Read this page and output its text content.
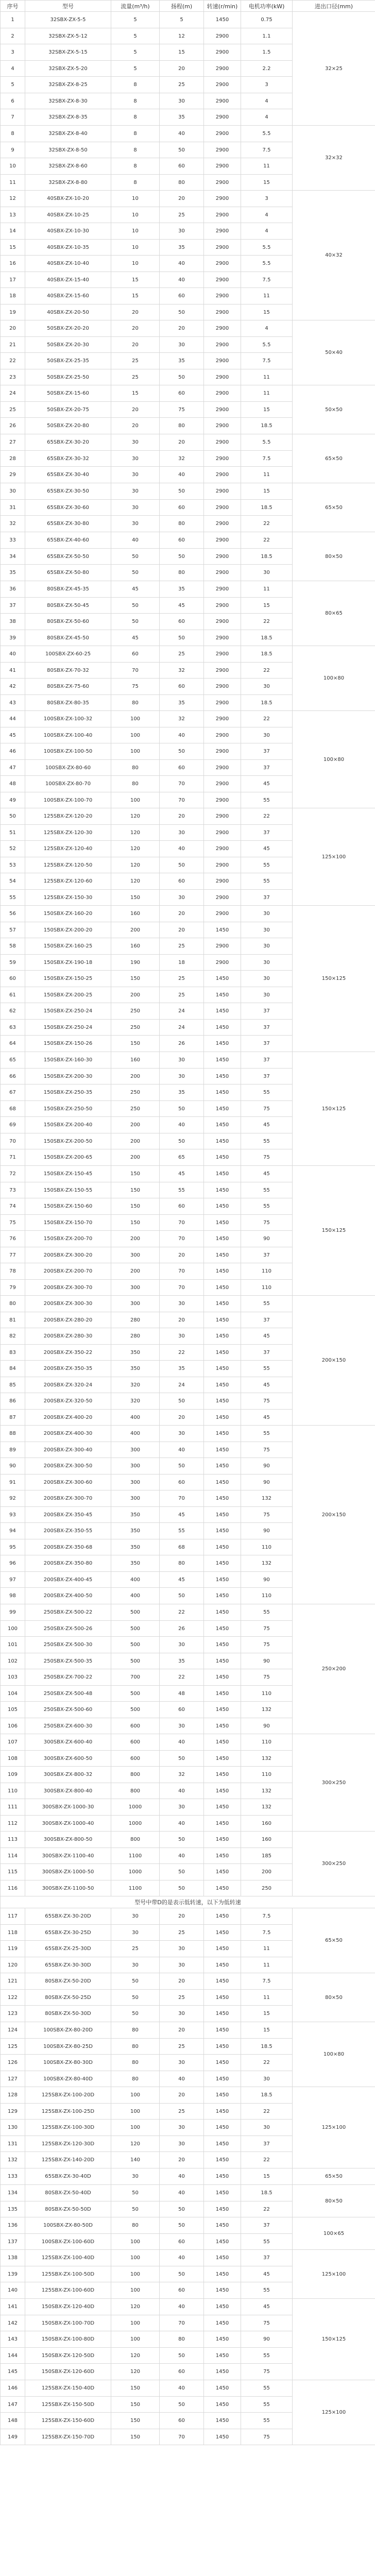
序号	型号	流量(m³/h)	扬程(m)	转速(r/min)	电机功率(kW)	进出口径(mm)
1	32SBX-ZX-5-5	5	5	1450	0.75	32×25
2	32SBX-ZX-5-12	5	12	2900	1.1	
3	32SBX-ZX-5-15	5	15	2900	1.5	
4	32SBX-ZX-5-20	5	20	2900	2.2	
5	32SBX-ZX-8-25	8	25	2900	3	
6	32SBX-ZX-8-30	8	30	2900	4	
7	32SBX-ZX-8-35	8	35	2900	4	
8	32SBX-ZX-8-40	8	40	2900	5.5	32×32
9	32SBX-ZX-8-50	8	50	2900	7.5	
10	32SBX-ZX-8-60	8	60	2900	11	
11	32SBX-ZX-8-80	8	80	2900	15	
12	40SBX-ZX-10-20	10	20	2900	3	40×32
13	40SBX-ZX-10-25	10	25	2900	4	
14	40SBX-ZX-10-30	10	30	2900	4	
15	40SBX-ZX-10-35	10	35	2900	5.5	
16	40SBX-ZX-10-40	10	40	2900	5.5	
17	40SBX-ZX-15-40	15	40	2900	7.5	
18	40SBX-ZX-15-60	15	60	2900	11	
19	40SBX-ZX-20-50	20	50	2900	15	
20	50SBX-ZX-20-20	20	20	2900	4	50×40
21	50SBX-ZX-20-30	20	30	2900	5.5	
22	50SBX-ZX-25-35	25	35	2900	7.5	
23	50SBX-ZX-25-50	25	50	2900	11	
24	50SBX-ZX-15-60	15	60	2900	11	50×50
25	50SBX-ZX-20-75	20	75	2900	15	
26	50SBX-ZX-20-80	20	80	2900	18.5	
27	65SBX-ZX-30-20	30	20	2900	5.5	65×50
28	65SBX-ZX-30-32	30	32	2900	7.5	
29	65SBX-ZX-30-40	30	40	2900	11	
30	65SBX-ZX-30-50	30	50	2900	15	65×50
31	65SBX-ZX-30-60	30	60	2900	18.5	
32	65SBX-ZX-30-80	30	80	2900	22	
33	65SBX-ZX-40-60	40	60	2900	22	80×50
34	65SBX-ZX-50-50	50	50	2900	18.5	
35	65SBX-ZX-50-80	50	80	2900	30	
36	80SBX-ZX-45-35	45	35	2900	11	80×65
37	80SBX-ZX-50-45	50	45	2900	15	
38	80SBX-ZX-50-60	50	60	2900	22	
39	80SBX-ZX-45-50	45	50	2900	18.5	
40	100SBX-ZX-60-25	60	25	2900	18.5	100×80
41	80SBX-ZX-70-32	70	32	2900	22	
42	80SBX-ZX-75-60	75	60	2900	30	
43	80SBX-ZX-80-35	80	35	2900	18.5	
44	100SBX-ZX-100-32	100	32	2900	22	100×80
45	100SBX-ZX-100-40	100	40	2900	30	
46	100SBX-ZX-100-50	100	50	2900	37	
47	100SBX-ZX-80-60	80	60	2900	37	
48	100SBX-ZX-80-70	80	70	2900	45	
49	100SBX-ZX-100-70	100	70	2900	55	
50	125SBX-ZX-120-20	120	20	2900	22	125×100
51	125SBX-ZX-120-30	120	30	2900	37	
52	125SBX-ZX-120-40	120	40	2900	45	
53	125SBX-ZX-120-50	120	50	2900	55	
54	125SBX-ZX-120-60	120	60	2900	55	
55	125SBX-ZX-150-30	150	30	2900	37	
56	150SBX-ZX-160-20	160	20	2900	30	150×125
57	150SBX-ZX-200-20	200	20	1450	30	
58	150SBX-ZX-160-25	160	25	2900	30	
59	150SBX-ZX-190-18	190	18	2900	30	
60	150SBX-ZX-150-25	150	25	1450	30	
61	150SBX-ZX-200-25	200	25	1450	30	
62	150SBX-ZX-250-24	250	24	1450	37	
63	150SBX-ZX-250-24	250	24	1450	37	
64	150SBX-ZX-150-26	150	26	1450	37	
65	150SBX-ZX-160-30	160	30	1450	37	150×125
66	150SBX-ZX-200-30	200	30	1450	37	
67	150SBX-ZX-250-35	250	35	1450	55	
68	150SBX-ZX-250-50	250	50	1450	75	
69	150SBX-ZX-200-40	200	40	1450	45	
70	150SBX-ZX-200-50	200	50	1450	55	
71	150SBX-ZX-200-65	200	65	1450	75	
72	150SBX-ZX-150-45	150	45	1450	45	150×125
73	150SBX-ZX-150-55	150	55	1450	55	
74	150SBX-ZX-150-60	150	60	1450	55	
75	150SBX-ZX-150-70	150	70	1450	75	
76	150SBX-ZX-200-70	200	70	1450	90	
77	200SBX-ZX-300-20	300	20	1450	37	
78	200SBX-ZX-200-70	200	70	1450	110	
79	200SBX-ZX-300-70	300	70	1450	110	
80	200SBX-ZX-300-30	300	30	1450	55	200×150
81	200SBX-ZX-280-20	280	20	1450	37	
82	200SBX-ZX-280-30	280	30	1450	45	
83	200SBX-ZX-350-22	350	22	1450	37	
84	200SBX-ZX-350-35	350	35	1450	55	
85	200SBX-ZX-320-24	320	24	1450	45	
86	200SBX-ZX-320-50	320	50	1450	75	
87	200SBX-ZX-400-20	400	20	1450	45	
88	200SBX-ZX-400-30	400	30	1450	55	200×150
89	200SBX-ZX-300-40	300	40	1450	75	
90	200SBX-ZX-300-50	300	50	1450	90	
91	200SBX-ZX-300-60	300	60	1450	90	
92	200SBX-ZX-300-70	300	70	1450	132	
93	200SBX-ZX-350-45	350	45	1450	75	
94	200SBX-ZX-350-55	350	55	1450	90	
95	200SBX-ZX-350-68	350	68	1450	110	
96	200SBX-ZX-350-80	350	80	1450	132	
97	200SBX-ZX-400-45	400	45	1450	90	
98	200SBX-ZX-400-50	400	50	1450	110	
99	250SBX-ZX-500-22	500	22	1450	55	250×200
100	250SBX-ZX-500-26	500	26	1450	75	
101	250SBX-ZX-500-30	500	30	1450	75	
102	250SBX-ZX-500-35	500	35	1450	90	
103	250SBX-ZX-700-22	700	22	1450	75	
104	250SBX-ZX-500-48	500	48	1450	110	
105	250SBX-ZX-500-60	500	60	1450	132	
106	250SBX-ZX-600-30	600	30	1450	90	
107	300SBX-ZX-600-40	600	40	1450	110	300×250
108	300SBX-ZX-600-50	600	50	1450	132	
109	300SBX-ZX-800-32	800	32	1450	110	
110	300SBX-ZX-800-40	800	40	1450	132	
111	300SBX-ZX-1000-30	1000	30	1450	132	
112	300SBX-ZX-1000-40	1000	40	1450	160	
113	300SBX-ZX-800-50	800	50	1450	160	300×250
114	300SBX-ZX-1100-40	1100	40	1450	185	
115	300SBX-ZX-1000-50	1000	50	1450	200	
116	300SBX-ZX-1100-50	1100	50	1450	250	
型号中带D的是表示低转速，以下为低转速						
117	65SBX-ZX-30-20D	30	20	1450	7.5	65×50
118	65SBX-ZX-30-25D	30	25	1450	7.5	
119	65SBX-ZX-25-30D	25	30	1450	11	
120	65SBX-ZX-30-30D	30	30	1450	11	
121	80SBX-ZX-50-20D	50	20	1450	7.5	80×50
122	80SBX-ZX-50-25D	50	25	1450	11	
123	80SBX-ZX-50-30D	50	30	1450	15	
124	100SBX-ZX-80-20D	80	20	1450	15	100×80
125	100SBX-ZX-80-25D	80	25	1450	18.5	
126	100SBX-ZX-80-30D	80	30	1450	22	
127	100SBX-ZX-80-40D	80	40	1450	30	
128	125SBX-ZX-100-20D	100	20	1450	18.5	125×100
129	125SBX-ZX-100-25D	100	25	1450	22	
130	125SBX-ZX-100-30D	100	30	1450	30	
131	125SBX-ZX-120-30D	120	30	1450	37	
132	125SBX-ZX-140-20D	140	20	1450	22	
133	65SBX-ZX-30-40D	30	40	1450	15	65×50
134	80SBX-ZX-50-40D	50	40	1450	18.5	80×50
135	80SBX-ZX-50-50D	50	50	1450	22	
136	100SBX-ZX-80-50D	80	50	1450	37	100×65
137	100SBX-ZX-100-60D	100	60	1450	55	
138	125SBX-ZX-100-40D	100	40	1450	37	125×100
139	125SBX-ZX-100-50D	100	50	1450	45	
140	125SBX-ZX-100-60D	100	60	1450	55	
141	150SBX-ZX-120-40D	120	40	1450	45	150×125
142	150SBX-ZX-100-70D	100	70	1450	75	
143	150SBX-ZX-100-80D	100	80	1450	90	
144	150SBX-ZX-120-50D	120	50	1450	55	
145	150SBX-ZX-120-60D	120	60	1450	75	
146	125SBX-ZX-150-40D	150	40	1450	55	125×100
147	125SBX-ZX-150-50D	150	50	1450	55	
148	125SBX-ZX-150-60D	150	60	1450	55	
149	125SBX-ZX-150-70D	150	70	1450	75	
